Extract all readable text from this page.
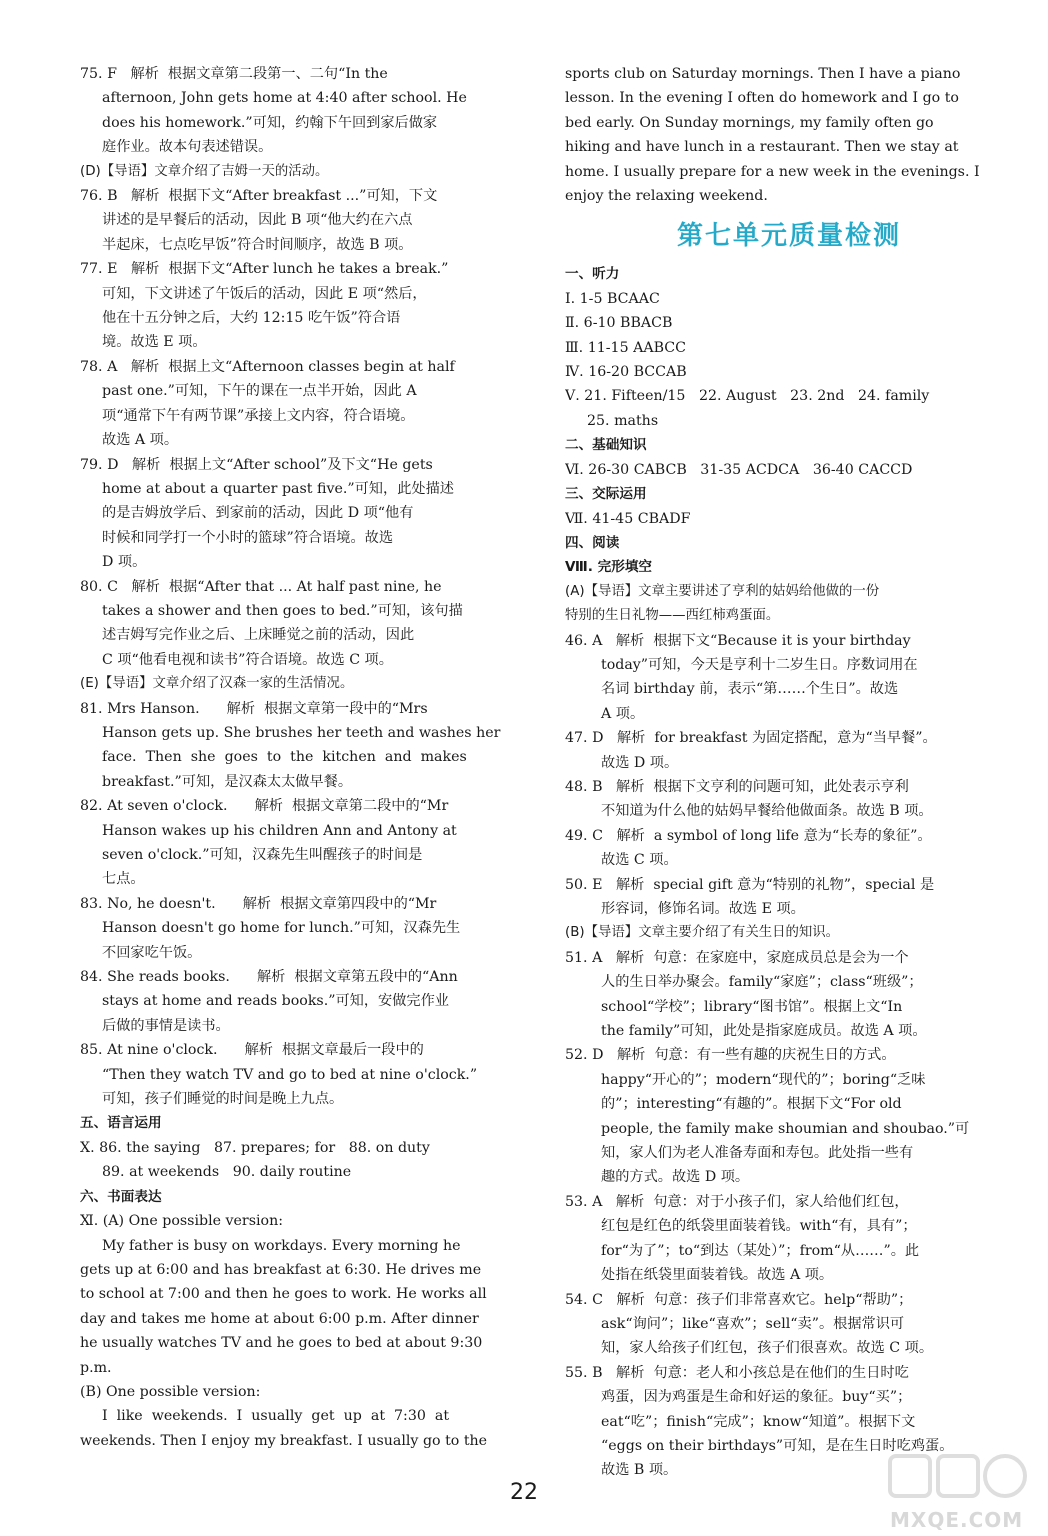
75. F   解析  根据文章第二段第一、二句“In the
afternoon, John gets home at 4:40 after school. He
does his homework.”可知，约翰下午回到家后做家
庭作业。故本句表述错误。
(D)【导语】文章介绍了吉姆一天的活动。
76. B   解析  根据下文“After breakfast ...”可知，下文
讲述的是早餐后的活动，因此 B 项“他大约在六点
半起床，七点吃早饭”符合时间顺序，故选 B 项。
77. E   解析  根据下文“After lunch he takes a break.”
可知，下文讲述了午饭后的活动，因此 E 项“然后，
他在十五分钟之后，大约 12:15 吃午饭”符合语
境。故选 E 项。
78. A   解析  根据上文“Afternoon classes begin at half
past one.”可知，下午的课在一点半开始，因此 A
项“通常下午有两节课”承接上文内容，符合语境。
故选 A 项。
79. D   解析  根据上文“After school”及下文“He gets
home at about a quarter past five.”可知，此处描述
的是吉姆放学后、到家前的活动，因此 D 项“他有
时候和同学打一个小时的篮球”符合语境。故选
D 项。
80. C   解析  根据“After that ... At half past nine, he
takes a shower and then goes to bed.”可知，该句描
述吉姆写完作业之后、上床睡觉之前的活动，因此
C 项“他看电视和读书”符合语境。故选 C 项。
(E)【导语】文章介绍了汉森一家的生活情况。
81. Mrs Hanson.      解析  根据文章第一段中的“Mrs
Hanson gets up. She brushes her teeth and washes her
face.  Then  she  goes  to  the  kitchen  and  makes
breakfast.”可知，是汉森太太做早餐。
82. At seven o'clock.      解析  根据文章第二段中的“Mr
Hanson wakes up his children Ann and Antony at
seven o'clock.”可知，汉森先生叫醒孩子的时间是
七点。
83. No, he doesn't.      解析  根据文章第四段中的“Mr
Hanson doesn't go home for lunch.”可知，汉森先生
不回家吃午饭。
84. She reads books.      解析  根据文章第五段中的“Ann
stays at home and reads books.”可知，安做完作业
后做的事情是读书。
85. At nine o'clock.      解析  根据文章最后一段中的
“Then they watch TV and go to bed at nine o'clock.”
可知，孩子们睡觉的时间是晚上九点。
五、语言运用
Ⅹ. 86. the saying   87. prepares; for   88. on duty
89. at weekends   90. daily routine
六、书面表达
Ⅺ. (A) One possible version:
My father is busy on workdays. Every morning he
gets up at 6:00 and has breakfast at 6:30. He drives me
to school at 7:00 and then he goes to work. He works all
day and takes me home at about 6:00 p.m. After dinner
he usually watches TV and he goes to bed at about 9:30
p.m.
(B) One possible version:
I  like  weekends.  I  usually  get  up  at  7:30  at
weekends. Then I enjoy my breakfast. I usually go to the
sports club on Saturday mornings. Then I have a piano
lesson. In the evening I often do homework and I go to
bed early. On Sunday mornings, my family often go
hiking and have lunch in a restaurant. Then we stay at
home. I usually prepare for a new week in the evenings. I
enjoy the relaxing weekend.
第七单元质量检测
一、听力
Ⅰ. 1-5 BCAAC
Ⅱ. 6-10 BBACB
Ⅲ. 11-15 AABCC
Ⅳ. 16-20 BCCAB
Ⅴ. 21. Fifteen/15   22. August   23. 2nd   24. family
25. maths
二、基础知识
Ⅵ. 26-30 CABCB   31-35 ACDCA   36-40 CACCD
三、交际运用
Ⅶ. 41-45 CBADF
四、阅读
Ⅷ. 完形填空
(A)【导语】文章主要讲述了亨利的姑妈给他做的一份
特别的生日礼物——西红柿鸡蛋面。
46. A   解析  根据下文“Because it is your birthday
today”可知，今天是亨利十二岁生日。序数词用在
名词 birthday 前，表示“第……个生日”。故选
A 项。
47. D   解析  for breakfast 为固定搭配，意为“当早餐”。
故选 D 项。
48. B   解析  根据下文亨利的问题可知，此处表示亨利
不知道为什么他的姑妈早餐给他做面条。故选 B 项。
49. C   解析  a symbol of long life 意为“长寿的象征”。
故选 C 项。
50. E   解析  special gift 意为“特别的礼物”，special 是
形容词，修饰名词。故选 E 项。
(B)【导语】文章主要介绍了有关生日的知识。
51. A   解析  句意：在家庭中，家庭成员总是会为一个
人的生日举办聚会。family“家庭”；class“班级”；
school“学校”；library“图书馆”。根据上文“In
the family”可知，此处是指家庭成员。故选 A 项。
52. D   解析  句意：有一些有趣的庆祝生日的方式。
happy“开心的”；modern“现代的”；boring“乏味
的”；interesting“有趣的”。根据下文“For old
people, the family make shoumian and shoubao.”可
知，家人们为老人准备寿面和寿包。此处指一些有
趣的方式。故选 D 项。
53. A   解析  句意：对于小孩子们，家人给他们红包，
红包是红色的纸袋里面装着钱。with“有，具有”；
for“为了”；to“到达（某处）”；from“从……”。此
处指在纸袋里面装着钱。故选 A 项。
54. C   解析  句意：孩子们非常喜欢它。help“帮助”；
ask“询问”；like“喜欢”；sell“卖”。根据常识可
知，家人给孩子们红包，孩子们很喜欢。故选 C 项。
55. B   解析  句意：老人和小孩总是在他们的生日时吃
鸡蛋，因为鸡蛋是生命和好运的象征。buy“买”；
eat“吃”；finish“完成”；know“知道”。根据下文
“eggs on their birthdays”可知，是在生日时吃鸡蛋。
故选 B 项。
22
MXQE.COM
